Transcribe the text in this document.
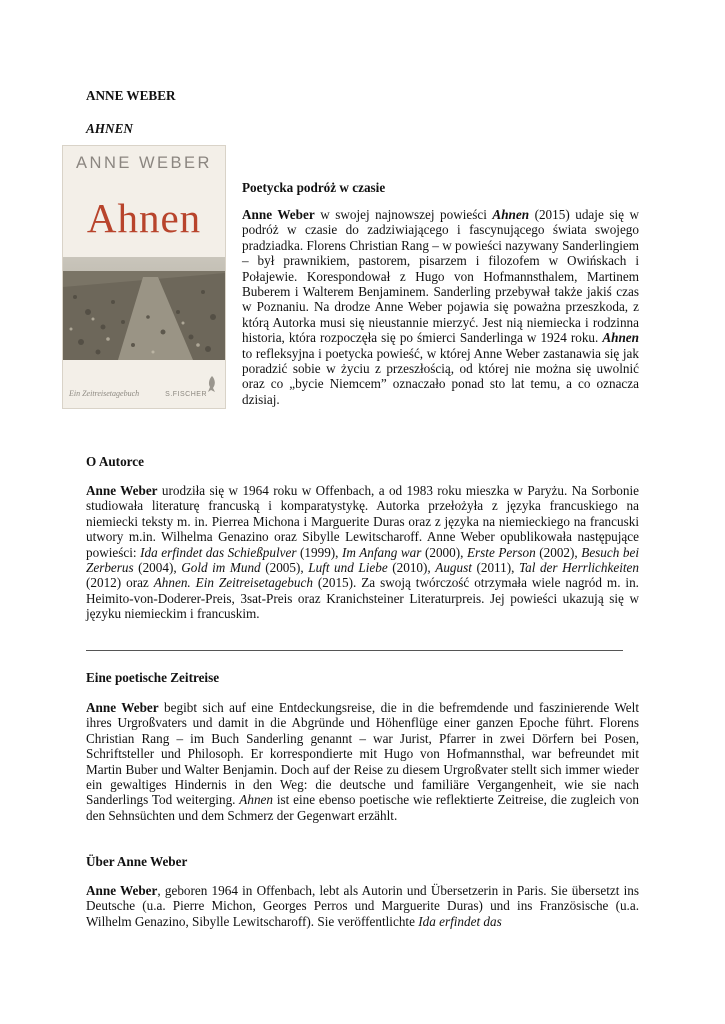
ANNE WEBER
AHNEN
ANNE WEBER
Ahnen
Ein Zeitreisetagebuch	S.FISCHER
Poetycka podróż w czasie

Anne Weber w swojej najnowszej powieści Ahnen (2015) udaje się w podróż w czasie do zadziwiającego i fascynującego świata swojego pradziadka. Florens Christian Rang – w powieści nazywany Sanderlingiem – był prawnikiem, pastorem, pisarzem i filozofem w Owińskach i Połajewie. Korespondował z Hugo von Hofmannsthalem, Martinem Buberem i Walterem Benjaminem. Sanderling przebywał także jakiś czas w Poznaniu. Na drodze Anne Weber pojawia się poważna przeszkoda, z którą Autorka musi się nieustannie mierzyć. Jest nią niemiecka i rodzinna historia, która rozpoczęła się po śmierci Sanderlinga w 1924 roku. Ahnen to refleksyjna i poetycka powieść, w której Anne Weber zastanawia się jak poradzić sobie w życiu z przeszłością, od której nie można się uwolnić oraz co „bycie Niemcem” oznaczało ponad sto lat temu, a co oznacza dzisiaj.

O Autorce

Anne Weber urodziła się w 1964 roku w Offenbach, a od 1983 roku mieszka w Paryżu. Na Sorbonie studiowała literaturę francuską i komparatystykę. Autorka przełożyła z języka francuskiego na niemiecki teksty m. in. Pierrea Michona i Marguerite Duras oraz z języka na niemieckiego na francuski utwory m.in. Wilhelma Genazino oraz Sibylle Lewitscharoff. Anne Weber opublikowała następujące powieści: Ida erfindet das Schießpulver (1999), Im Anfang war (2000), Erste Person (2002), Besuch bei Zerberus (2004), Gold im Mund (2005), Luft und Liebe (2010), August (2011), Tal der Herrlichkeiten (2012) oraz Ahnen. Ein Zeitreisetagebuch (2015). Za swoją twórczość otrzymała wiele nagród m. in. Heimito-von-Doderer-Preis, 3sat-Preis oraz Kranichsteiner Literaturpreis. Jej powieści ukazują się w języku niemieckim i francuskim.

Eine poetische Zeitreise

Anne Weber begibt sich auf eine Entdeckungsreise, die in die befremdende und faszinierende Welt ihres Urgroßvaters und damit in die Abgründe und Höhenflüge einer ganzen Epoche führt. Florens Christian Rang – im Buch Sanderling genannt – war Jurist, Pfarrer in zwei Dörfern bei Posen, Schriftsteller und Philosoph. Er korrespondierte mit Hugo von Hofmannsthal, war befreundet mit Martin Buber und Walter Benjamin. Doch auf der Reise zu diesem Urgroßvater stellt sich immer wieder ein gewaltiges Hindernis in den Weg: die deutsche und familiäre Vergangenheit, wie sie nach Sanderlings Tod weiterging. Ahnen ist eine ebenso poetische wie reflektierte Zeitreise, die zugleich von den Sehnsüchten und dem Schmerz der Gegenwart erzählt.

Über Anne Weber

Anne Weber, geboren 1964 in Offenbach, lebt als Autorin und Übersetzerin in Paris. Sie übersetzt ins Deutsche (u.a. Pierre Michon, Georges Perros und Marguerite Duras) und ins Französische (u.a. Wilhelm Genazino, Sibylle Lewitscharoff). Sie veröffentlichte Ida erfindet das
